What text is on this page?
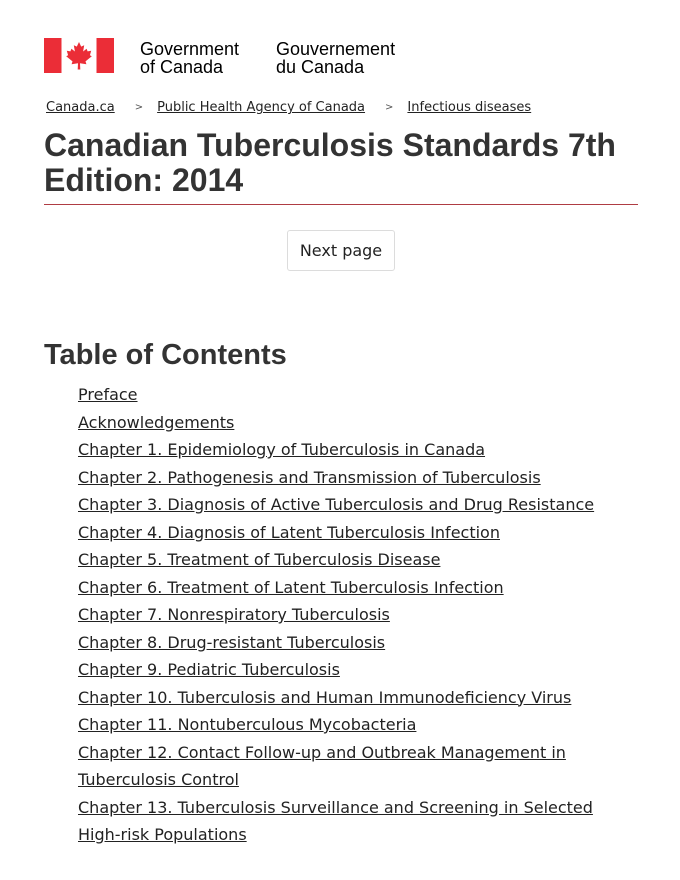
Government
of Canada
Gouvernement
du Canada
Canada.ca > Public Health Agency of Canada > Infectious diseases
Canadian Tuberculosis Standards 7th Edition: 2014
Next page
Table of Contents
Preface
Acknowledgements
Chapter 1. Epidemiology of Tuberculosis in Canada
Chapter 2. Pathogenesis and Transmission of Tuberculosis
Chapter 3. Diagnosis of Active Tuberculosis and Drug Resistance
Chapter 4. Diagnosis of Latent Tuberculosis Infection
Chapter 5. Treatment of Tuberculosis Disease
Chapter 6. Treatment of Latent Tuberculosis Infection
Chapter 7. Nonrespiratory Tuberculosis
Chapter 8. Drug-resistant Tuberculosis
Chapter 9. Pediatric Tuberculosis
Chapter 10. Tuberculosis and Human Immunodeficiency Virus
Chapter 11. Nontuberculous Mycobacteria
Chapter 12. Contact Follow-up and Outbreak Management in Tuberculosis Control
Chapter 13. Tuberculosis Surveillance and Screening in Selected High-risk Populations
